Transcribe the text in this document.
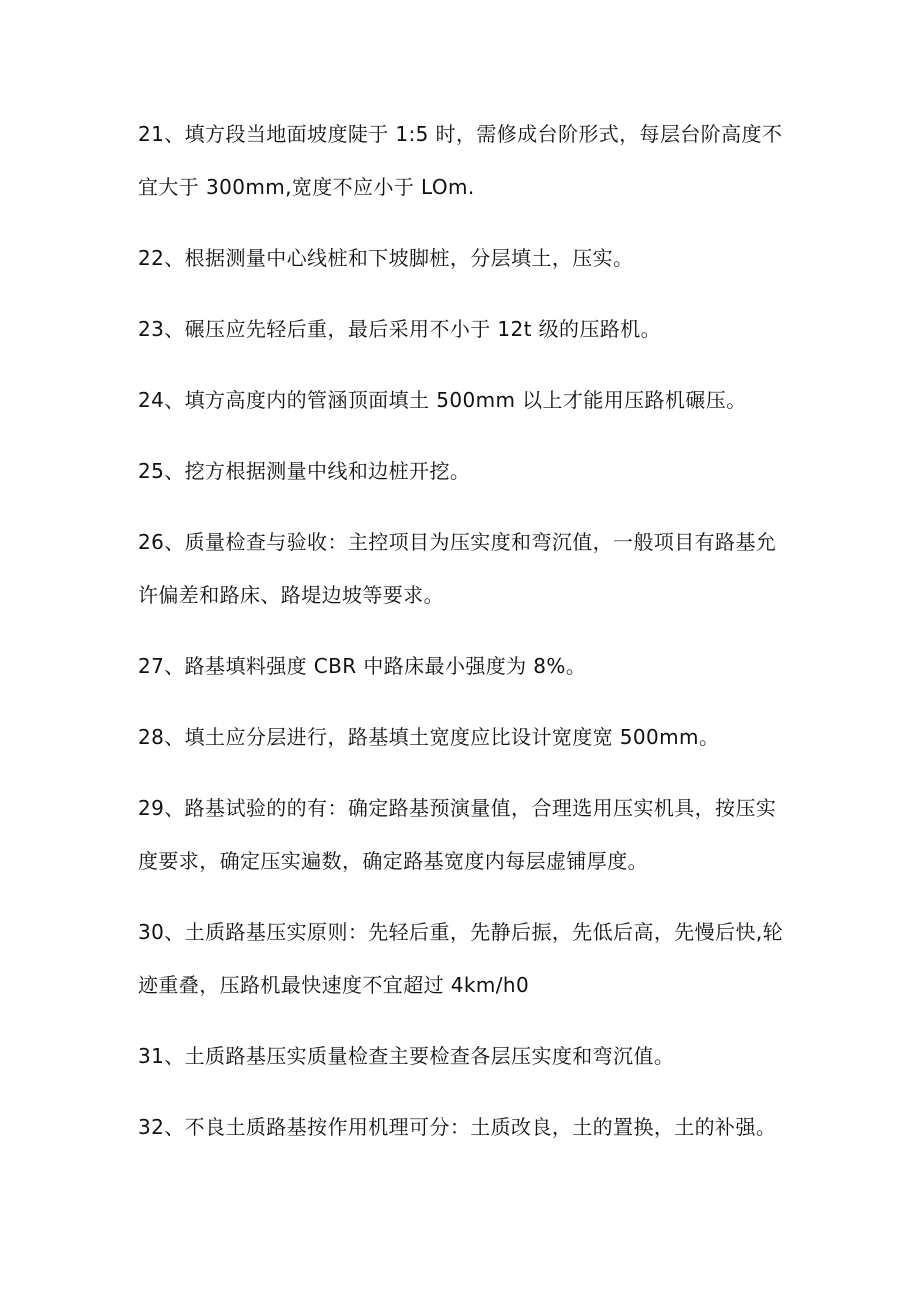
21、填方段当地面坡度陡于 1:5 时，需修成台阶形式，每层台阶高度不宜大于 300mm,宽度不应小于 LOm.

22、根据测量中心线桩和下坡脚桩，分层填土，压实。

23、碾压应先轻后重，最后采用不小于 12t 级的压路机。

24、填方高度内的管涵顶面填土 500mm 以上才能用压路机碾压。

25、挖方根据测量中线和边桩开挖。

26、质量检查与验收：主控项目为压实度和弯沉值，一般项目有路基允许偏差和路床、路堤边坡等要求。

27、路基填料强度 CBR 中路床最小强度为 8%。

28、填土应分层进行，路基填土宽度应比设计宽度宽 500mm。

29、路基试验的的有：确定路基预演量值，合理选用压实机具，按压实度要求，确定压实遍数，确定路基宽度内每层虚铺厚度。

30、土质路基压实原则：先轻后重，先静后振，先低后高，先慢后快,轮迹重叠，压路机最快速度不宜超过 4km/h0

31、土质路基压实质量检查主要检查各层压实度和弯沉值。

32、不良土质路基按作用机理可分：土质改良，土的置换，土的补强。
